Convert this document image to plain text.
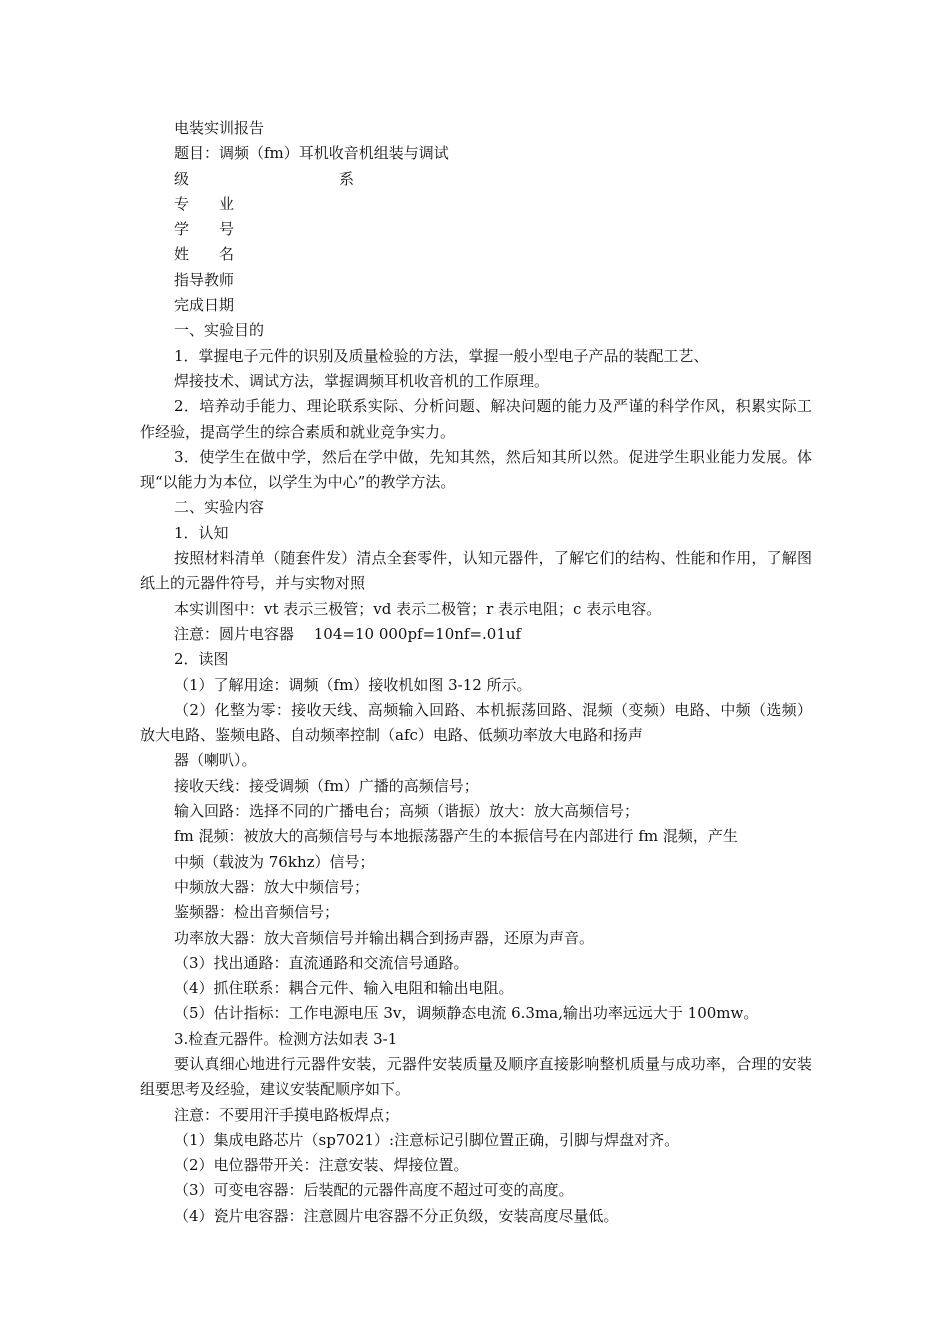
电装实训报告
题目：调频（fm）耳机收音机组装与调试
级	系
专　　业
学　　号
姓　　名
指导教师
完成日期
一、实验目的
1．掌握电子元件的识别及质量检验的方法，掌握一般小型电子产品的装配工艺、
焊接技术、调试方法，掌握调频耳机收音机的工作原理。
2．培养动手能力、理论联系实际、分析问题、解决问题的能力及严谨的科学作风，积累实际工作经验，提高学生的综合素质和就业竞争实力。
3．使学生在做中学，然后在学中做，先知其然，然后知其所以然。促进学生职业能力发展。体现“以能力为本位，以学生为中心”的教学方法。
二、实验内容
1．认知
按照材料清单（随套件发）清点全套零件，认知元器件，了解它们的结构、性能和作用，了解图纸上的元器件符号，并与实物对照
本实训图中：vt 表示三极管；vd 表示二极管；r 表示电阻；c 表示电容。
注意：圆片电容器　 104=10 000pf=10nf=.01uf
2．读图
（1）了解用途：调频（fm）接收机如图 3-12 所示。
（2）化整为零：接收天线、高频输入回路、本机振荡回路、混频（变频）电路、中频（选频）放大电路、鉴频电路、自动频率控制（afc）电路、低频功率放大电路和扬声
器（喇叭）。
接收天线：接受调频（fm）广播的高频信号；
输入回路：选择不同的广播电台；高频（谐振）放大：放大高频信号；
fm 混频：被放大的高频信号与本地振荡器产生的本振信号在内部进行 fm 混频，产生
中频（载波为 76khz）信号；
中频放大器：放大中频信号；
鉴频器：检出音频信号；
功率放大器：放大音频信号并输出耦合到扬声器，还原为声音。
（3）找出通路：直流通路和交流信号通路。
（4）抓住联系：耦合元件、输入电阻和输出电阻。
（5）估计指标：工作电源电压 3v，调频静态电流 6.3ma,输出功率远远大于 100mw。
3.检查元器件。检测方法如表 3-1
要认真细心地进行元器件安装，元器件安装质量及顺序直接影响整机质量与成功率，合理的安装组要思考及经验，建议安装配顺序如下。
注意：不要用汗手摸电路板焊点；
（1）集成电路芯片（sp7021）:注意标记引脚位置正确，引脚与焊盘对齐。
（2）电位器带开关：注意安装、焊接位置。
（3）可变电容器：后装配的元器件高度不超过可变的高度。
（4）瓷片电容器：注意圆片电容器不分正负级，安装高度尽量低。
